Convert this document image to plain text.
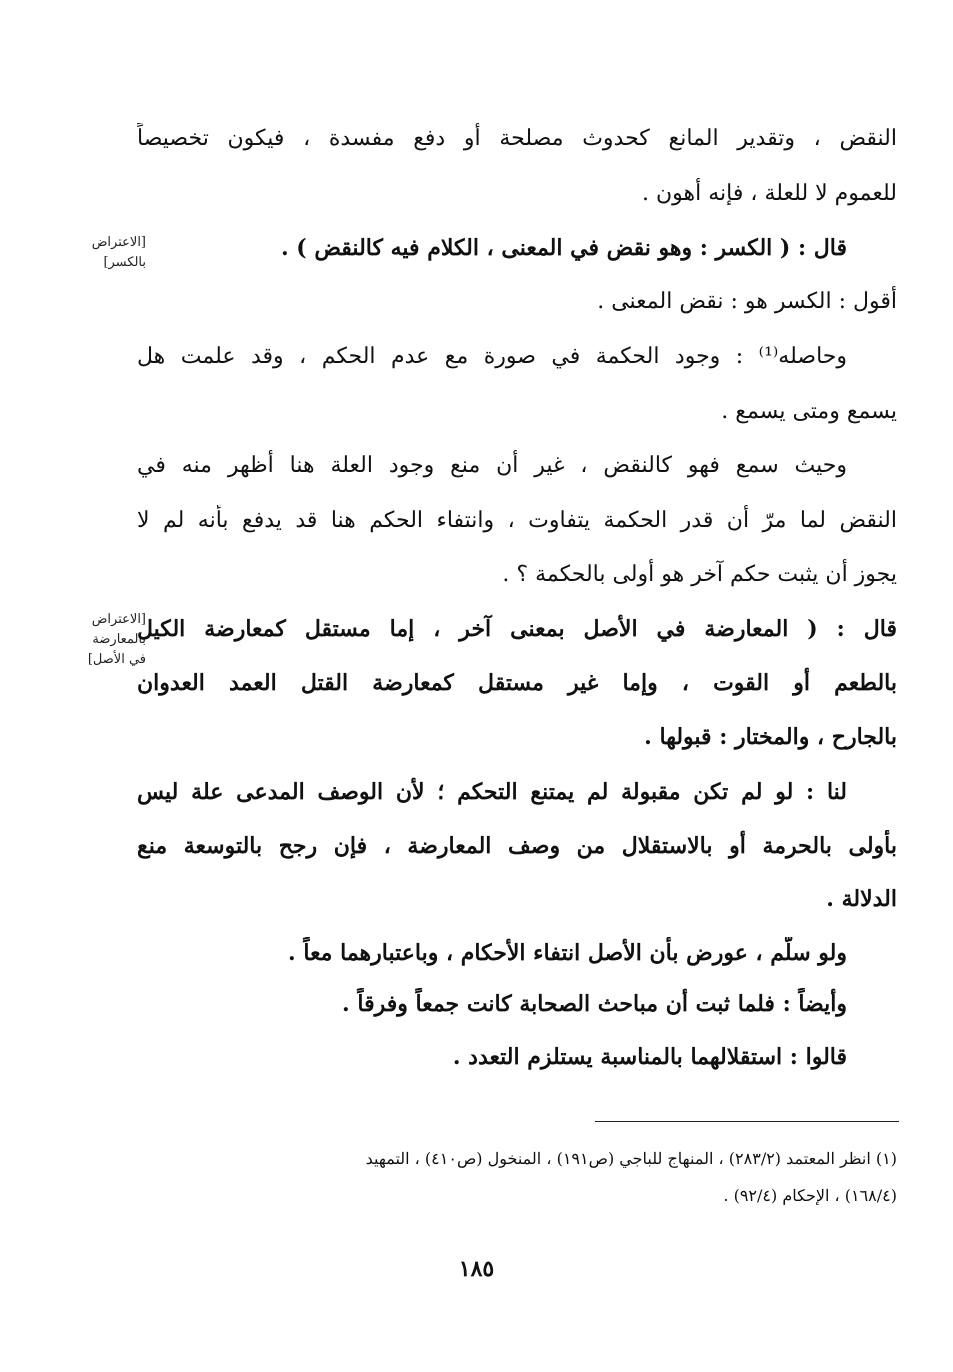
النقض ، وتقدير المانع كحدوث مصلحة أو دفع مفسدة ، فيكون تخصيصاً
للعموم لا للعلة ، فإنه أهون .
[الاعتراض
بالكسر]
قال : ( الكسر : وهو نقض في المعنى ، الكلام فيه كالنقض ) .
أقول : الكسر هو : نقض المعنى .
وحاصله⁽¹⁾ : وجود الحكمة في صورة مع عدم الحكم ، وقد علمت هل
يسمع ومتى يسمع .
وحيث سمع فهو كالنقض ، غير أن منع وجود العلة هنا أظهر منه في
النقض لما مرّ أن قدر الحكمة يتفاوت ، وانتفاء الحكم هنا قد يدفع بأنه لم لا
يجوز أن يثبت حكم آخر هو أولى بالحكمة ؟ .
[الاعتراض
بالمعارضة
في الأصل]
قال : ( المعارضة في الأصل بمعنى آخر ، إما مستقل كمعارضة الكيل
بالطعم أو القوت ، وإما غير مستقل كمعارضة القتل العمد العدوان
بالجارح ، والمختار : قبولها .
لنا : لو لم تكن مقبولة لم يمتنع التحكم ؛ لأن الوصف المدعى علة ليس
بأولى بالحرمة أو بالاستقلال من وصف المعارضة ، فإن رجح بالتوسعة منع
الدلالة .
ولو سلّم ، عورض بأن الأصل انتفاء الأحكام ، وباعتبارهما معاً .
وأيضاً : فلما ثبت أن مباحث الصحابة كانت جمعاً وفرقاً .
قالوا : استقلالهما بالمناسبة يستلزم التعدد .
(١) انظر المعتمد (٢٨٣/٢) ، المنهاج للباجي (ص١٩١) ، المنخول (ص٤١٠) ، التمهيد
(١٦٨/٤) ، الإحكام (٩٢/٤) .
١٨٥
